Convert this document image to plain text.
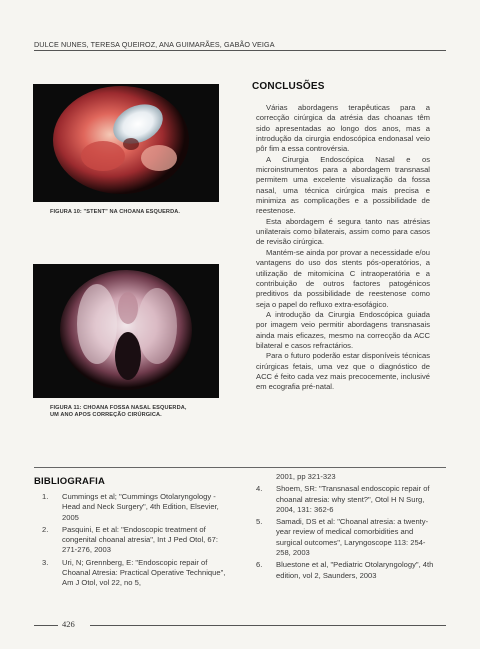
DULCE NUNES, TERESA QUEIROZ, ANA GUIMARÃES, GABÃO VEIGA
FIGURA 10: "STENT" NA CHOANA ESQUERDA.
FIGURA 11: CHOANA FOSSA NASAL ESQUERDA,
UM ANO APOS CORREÇÃO CIRÚRGICA.
CONCLUSÕES

Várias abordagens terapêuticas para a correcção cirúrgica da atrésia das choanas têm sido apresentadas ao longo dos anos, mas a introdução da cirurgia endoscópica endonasal veio pôr fim a essa controvérsia.

A Cirurgia Endoscópica Nasal e os microinstrumentos para a abordagem transnasal permitem uma excelente visualização da fossa nasal, uma técnica cirúrgica mais precisa e minimiza as complicações e a possibilidade de reestenose.

Esta abordagem é segura tanto nas atrésias unilaterais como bilaterais, assim como para casos de revisão cirúrgica.

Mantém-se ainda por provar a necessidade e/ou vantagens do uso dos stents pós-operatórios, a utilização de mitomicina C intraoperatória e a contribuição de outros factores patogénicos preditivos da possibilidade de reestenose como seja o papel do refluxo extra-esofágico.

A introdução da Cirurgia Endoscópica guiada por imagem veio permitir abordagens transnasais ainda mais eficazes, mesmo na correcção da ACC bilateral e casos refractários.

Para o futuro poderão estar disponíveis técnicas cirúrgicas fetais, uma vez que o diagnóstico de ACC é feito cada vez mais precocemente, inclusivé em ecografia pré-natal.

BIBLIOGRAFIA
1. Cummings et al; "Cummings Otolaryngology - Head and Neck Surgery", 4th Edition, Elsevier, 2005
2. Pasquini, E et al: "Endoscopic treatment of congenital choanal atresia", Int J Ped Otol, 67: 271-276, 2003
3. Uri, N; Grennberg, E: "Endoscopic repair of Choanal Atresia: Practical Operative Technique", Am J Otol, vol 22, no 5,
2001, pp 321-323
4. Shoem, SR: "Transnasal endoscopic repair of choanal atresia: why stent?", Otol H N Surg, 2004, 131: 362-6
5. Samadi, DS et al: "Choanal atresia: a twenty-year review of medical comorbidities and surgical outcomes", Laryngoscope 113: 254-258, 2003
6. Bluestone et al, "Pediatric Otolaryngology", 4th edition, vol 2, Saunders, 2003
426
